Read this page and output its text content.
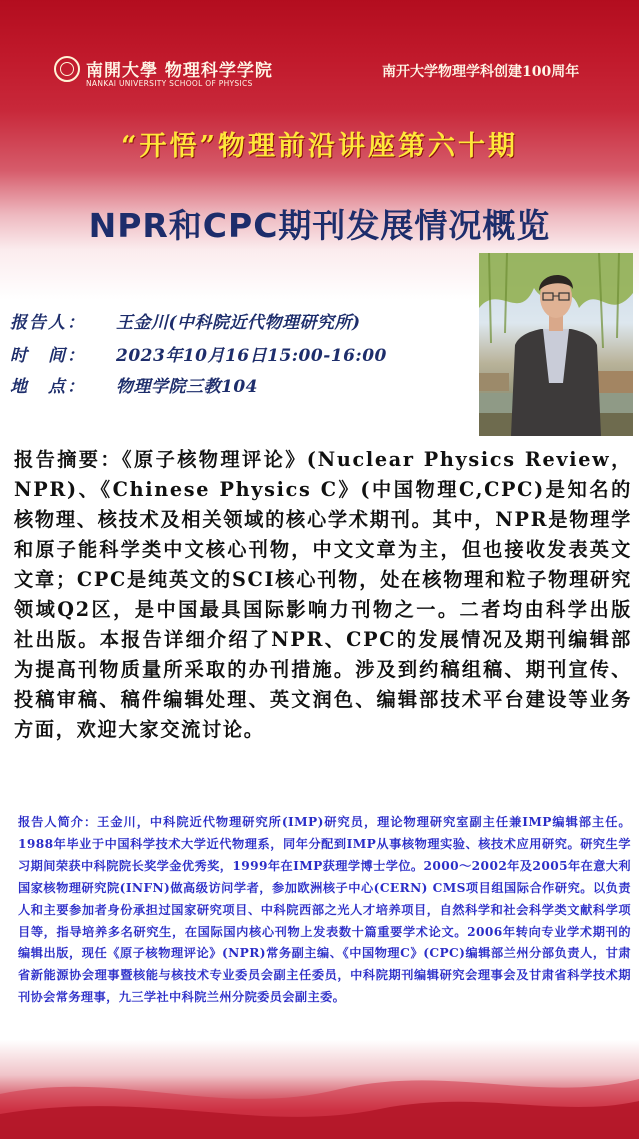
南開大學 物理科学学院
NANKAI UNIVERSITY SCHOOL OF PHYSICS
南开大学物理学科创建100周年
“开悟”物理前沿讲座第六十期
NPR和CPC期刊发展情况概览
报告人： 王金川(中科院近代物理研究所)
时　间： 2023年10月16日15:00-16:00
地　点： 物理学院三教104

报告摘要：《原子核物理评论》(Nuclear Physics Review，NPR)、《Chinese Physics C》(中国物理C,CPC)是知名的核物理、核技术及相关领域的核心学术期刊。其中，NPR是物理学和原子能科学类中文核心刊物，中文文章为主，但也接收发表英文文章；CPC是纯英文的SCI核心刊物，处在核物理和粒子物理研究领域Q2区，是中国最具国际影响力刊物之一。二者均由科学出版社出版。本报告详细介绍了NPR、CPC的发展情况及期刊编辑部为提高刊物质量所采取的办刊措施。涉及到约稿组稿、期刊宣传、投稿审稿、稿件编辑处理、英文润色、编辑部技术平台建设等业务方面，欢迎大家交流讨论。

报告人简介：王金川，中科院近代物理研究所(IMP)研究员，理论物理研究室副主任兼IMP编辑部主任。1988年毕业于中国科学技术大学近代物理系，同年分配到IMP从事核物理实验、核技术应用研究。研究生学习期间荣获中科院院长奖学金优秀奖，1999年在IMP获理学博士学位。2000～2002年及2005年在意大利国家核物理研究院(INFN)做高级访问学者，参加欧洲核子中心(CERN) CMS项目组国际合作研究。以负责人和主要参加者身份承担过国家研究项目、中科院西部之光人才培养项目，自然科学和社会科学类文献科学项目等，指导培养多名研究生，在国际国内核心刊物上发表数十篇重要学术论文。2006年转向专业学术期刊的编辑出版，现任《原子核物理评论》(NPR)常务副主编、《中国物理C》(CPC)编辑部兰州分部负责人，甘肃省新能源协会理事暨核能与核技术专业委员会副主任委员，中科院期刊编辑研究会理事会及甘肃省科学技术期刊协会常务理事，九三学社中科院兰州分院委员会副主委。
